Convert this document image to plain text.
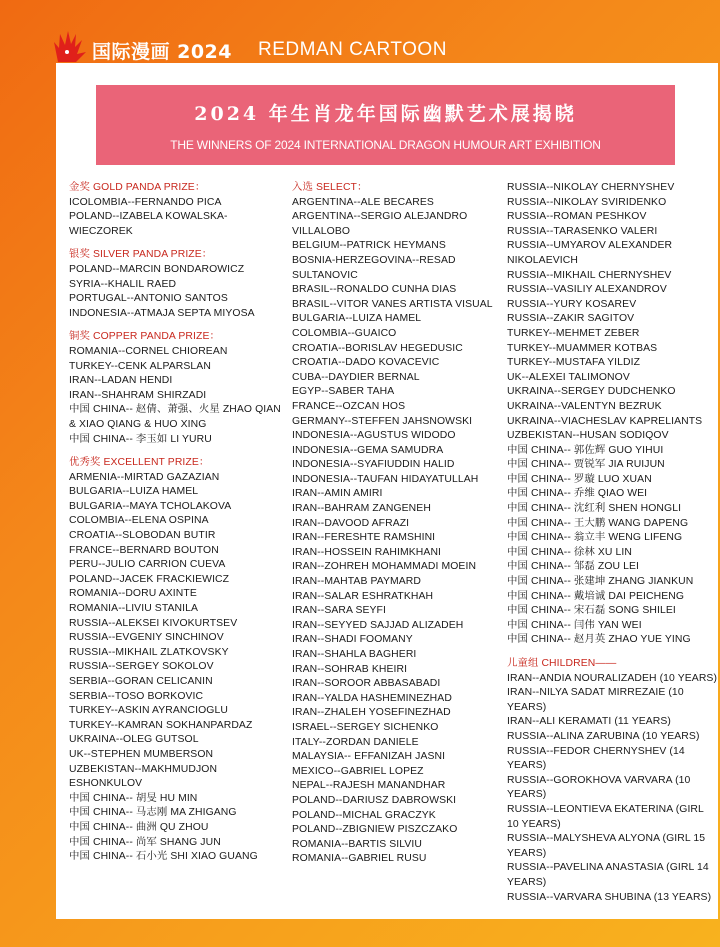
国际漫画 2024 REDMAN CARTOON
2024 年生肖龙年国际幽默艺术展揭晓
THE WINNERS OF 2024 INTERNATIONAL DRAGON HUMOUR ART EXHIBITION
金奖 GOLD PANDA PRIZE：
ICOLOMBIA--FERNANDO PICA
POLAND--IZABELA KOWALSKA-WIECZOREK
银奖 SILVER PANDA PRIZE：
POLAND--MARCIN BONDAROWICZ
SYRIA--KHALIL RAED
PORTUGAL--ANTONIO SANTOS
INDONESIA--ATMAJA SEPTA MIYOSA
铜奖 COPPER PANDA PRIZE：
ROMANIA--CORNEL CHIOREAN
TURKEY--CENK ALPARSLAN
IRAN--LADAN HENDI
IRAN--SHAHRAM SHIRZADI
中国 CHINA-- 赵倩、萧强、火星 ZHAO QIAN & XIAO QIANG & HUO XING
中国 CHINA-- 李玉如 LI YURU
优秀奖 EXCELLENT PRIZE：
ARMENIA--MIRTAD GAZAZIAN
BULGARIA--LUIZA HAMEL
BULGARIA--MAYA TCHOLAKOVA
COLOMBIA--ELENA OSPINA
CROATIA--SLOBODAN BUTIR
FRANCE--BERNARD BOUTON
PERU--JULIO CARRION CUEVA
POLAND--JACEK FRACKIEWICZ
ROMANIA--DORU AXINTE
ROMANIA--LIVIU STANILA
RUSSIA--ALEKSEI KIVOKURTSEV
RUSSIA--EVGENIY SINCHINOV
RUSSIA--MIKHAIL ZLATKOVSKY
RUSSIA--SERGEY SOKOLOV
SERBIA--GORAN CELICANIN
SERBIA--TOSO BORKOVIC
TURKEY--ASKIN AYRANCIOGLU
TURKEY--KAMRAN SOKHANPARDAZ
UKRAINA--OLEG GUTSOL
UK--STEPHEN MUMBERSON
UZBEKISTAN--MAKHMUDJON ESHONKULOV
中国 CHINA-- 胡旻 HU MIN
中国 CHINA-- 马志刚 MA ZHIGANG
中国 CHINA-- 曲洲 QU ZHOU
中国 CHINA-- 尚军 SHANG JUN
中国 CHINA-- 石小光 SHI XIAO GUANG
入选 SELECT：
ARGENTINA--ALE BECARES
ARGENTINA--SERGIO ALEJANDRO VILLALOBO
BELGIUM--PATRICK HEYMANS
BOSNIA-HERZEGOVINA--RESAD SULTANOVIC
BRASIL--RONALDO CUNHA DIAS
BRASIL--VITOR VANES ARTISTA VISUAL
BULGARIA--LUIZA HAMEL
COLOMBIA--GUAICO
CROATIA--BORISLAV HEGEDUSIC
CROATIA--DADO KOVACEVIC
CUBA--DAYDIER BERNAL
EGYP--SABER TAHA
FRANCE--OZCAN HOS
GERMANY--STEFFEN JAHSNOWSKI
INDONESIA--AGUSTUS WIDODO
INDONESIA--GEMA SAMUDRA
INDONESIA--SYAFIUDDIN HALID
INDONESIA--TAUFAN HIDAYATULLAH
IRAN--AMIN AMIRI
IRAN--BAHRAM ZANGENEH
IRAN--DAVOOD AFRAZI
IRAN--FERESHTE RAMSHINI
IRAN--HOSSEIN RAHIMKHANI
IRAN--ZOHREH MOHAMMADI MOEIN
IRAN--MAHTAB PAYMARD
IRAN--SALAR ESHRATKHAH
IRAN--SARA SEYFI
IRAN--SEYYED SAJJAD ALIZADEH
IRAN--SHADI FOOMANY
IRAN--SHAHLA BAGHERI
IRAN--SOHRAB KHEIRI
IRAN--SOROOR ABBASABADI
IRAN--YALDA HASHEMINEZHAD
IRAN--ZHALEH YOSEFINEZHAD
ISRAEL--SERGEY SICHENKO
ITALY--ZORDAN DANIELE
MALAYSIA-- EFFANIZAH JASNI
MEXICO--GABRIEL LOPEZ
NEPAL--RAJESH MANANDHAR
POLAND--DARIUSZ DABROWSKI
POLAND--MICHAL GRACZYK
POLAND--ZBIGNIEW PISZCZAKO
ROMANIA--BARTIS SILVIU
ROMANIA--GABRIEL RUSU
RUSSIA--NIKOLAY CHERNYSHEV
RUSSIA--NIKOLAY SVIRIDENKO
RUSSIA--ROMAN PESHKOV
RUSSIA--TARASENKO VALERI
RUSSIA--UMYAROV ALEXANDER NIKOLAEVICH
RUSSIA--MIKHAIL CHERNYSHEV
RUSSIA--VASILIY ALEXANDROV
RUSSIA--YURY KOSAREV
RUSSIA--ZAKIR SAGITOV
TURKEY--MEHMET ZEBER
TURKEY--MUAMMER KOTBAS
TURKEY--MUSTAFA YILDIZ
UK--ALEXEI TALIMONOV
UKRAINA--SERGEY DUDCHENKO
UKRAINA--VALENTYN BEZRUK
UKRAINA--VIACHESLAV KAPRELIANTS
UZBEKISTAN--HUSAN SODIQOV
中国 CHINA-- 郭佐辉 GUO YIHUI
中国 CHINA-- 贾锐军 JIA RUIJUN
中国 CHINA-- 罗璇 LUO XUAN
中国 CHINA-- 乔维 QIAO WEI
中国 CHINA-- 沈红利 SHEN HONGLI
中国 CHINA-- 王大鹏 WANG DAPENG
中国 CHINA-- 翁立丰 WENG LIFENG
中国 CHINA-- 徐林 XU LIN
中国 CHINA-- 邹磊 ZOU LEI
中国 CHINA-- 张建坤 ZHANG JIANKUN
中国 CHINA-- 戴培诚 DAI PEICHENG
中国 CHINA-- 宋石磊 SONG SHILEI
中国 CHINA-- 闫伟 YAN WEI
中国 CHINA-- 赵月英 ZHAO YUE YING
儿童组 CHILDREN——
IRAN--ANDIA NOURALIZADEH (10 YEARS)
IRAN--NILYA SADAT MIRREZAIE (10 YEARS)
IRAN--ALI KERAMATI (11 YEARS)
RUSSIA--ALINA ZARUBINA (10 YEARS)
RUSSIA--FEDOR CHERNYSHEV (14 YEARS)
RUSSIA--GOROKHOVA VARVARA (10 YEARS)
RUSSIA--LEONTIEVA EKATERINA (GIRL 10 YEARS)
RUSSIA--MALYSHEVA ALYONA (GIRL 15 YEARS)
RUSSIA--PAVELINA ANASTASIA (GIRL 14 YEARS)
RUSSIA--VARVARA SHUBINA (13 YEARS)
